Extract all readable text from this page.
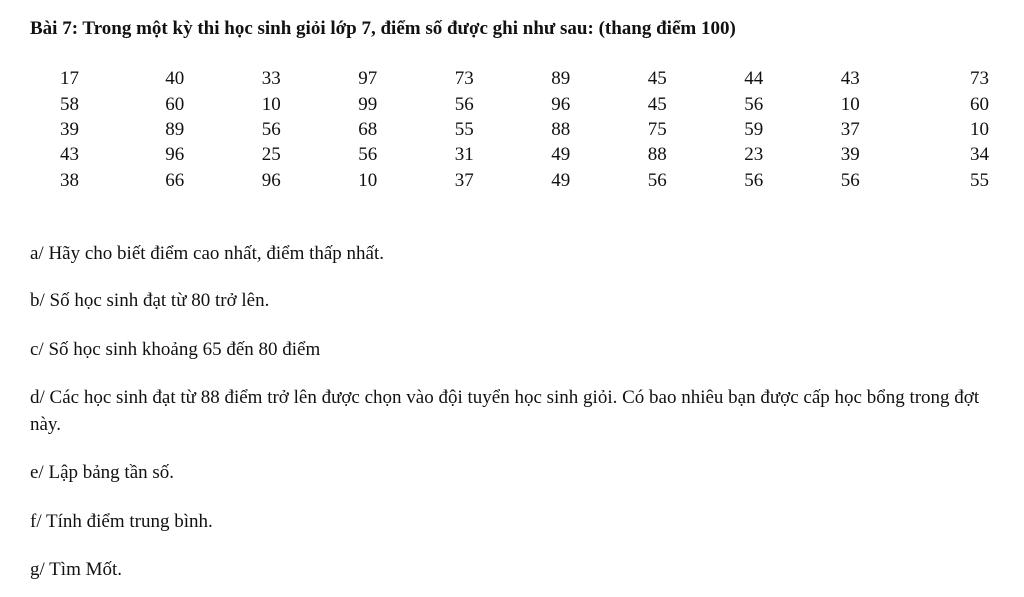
Bài 7: Trong một kỳ thi học sinh giỏi lớp 7, điểm số được ghi như sau: (thang điểm 100)
17	40	33	97	73	89	45	44	43	73
58	60	10	99	56	96	45	56	10	60
39	89	56	68	55	88	75	59	37	10
43	96	25	56	31	49	88	23	39	34
38	66	96	10	37	49	56	56	56	55
a/ Hãy cho biết điểm cao nhất, điểm thấp nhất.
b/ Số học sinh đạt từ 80 trở lên.
c/ Số học sinh khoảng 65 đến 80 điểm
d/ Các học sinh đạt từ 88 điểm trở lên được chọn vào đội tuyển học sinh giỏi. Có bao nhiêu bạn được cấp học bổng trong đợt này.
e/ Lập bảng tần số.
f/ Tính điểm trung bình.
g/ Tìm Mốt.
